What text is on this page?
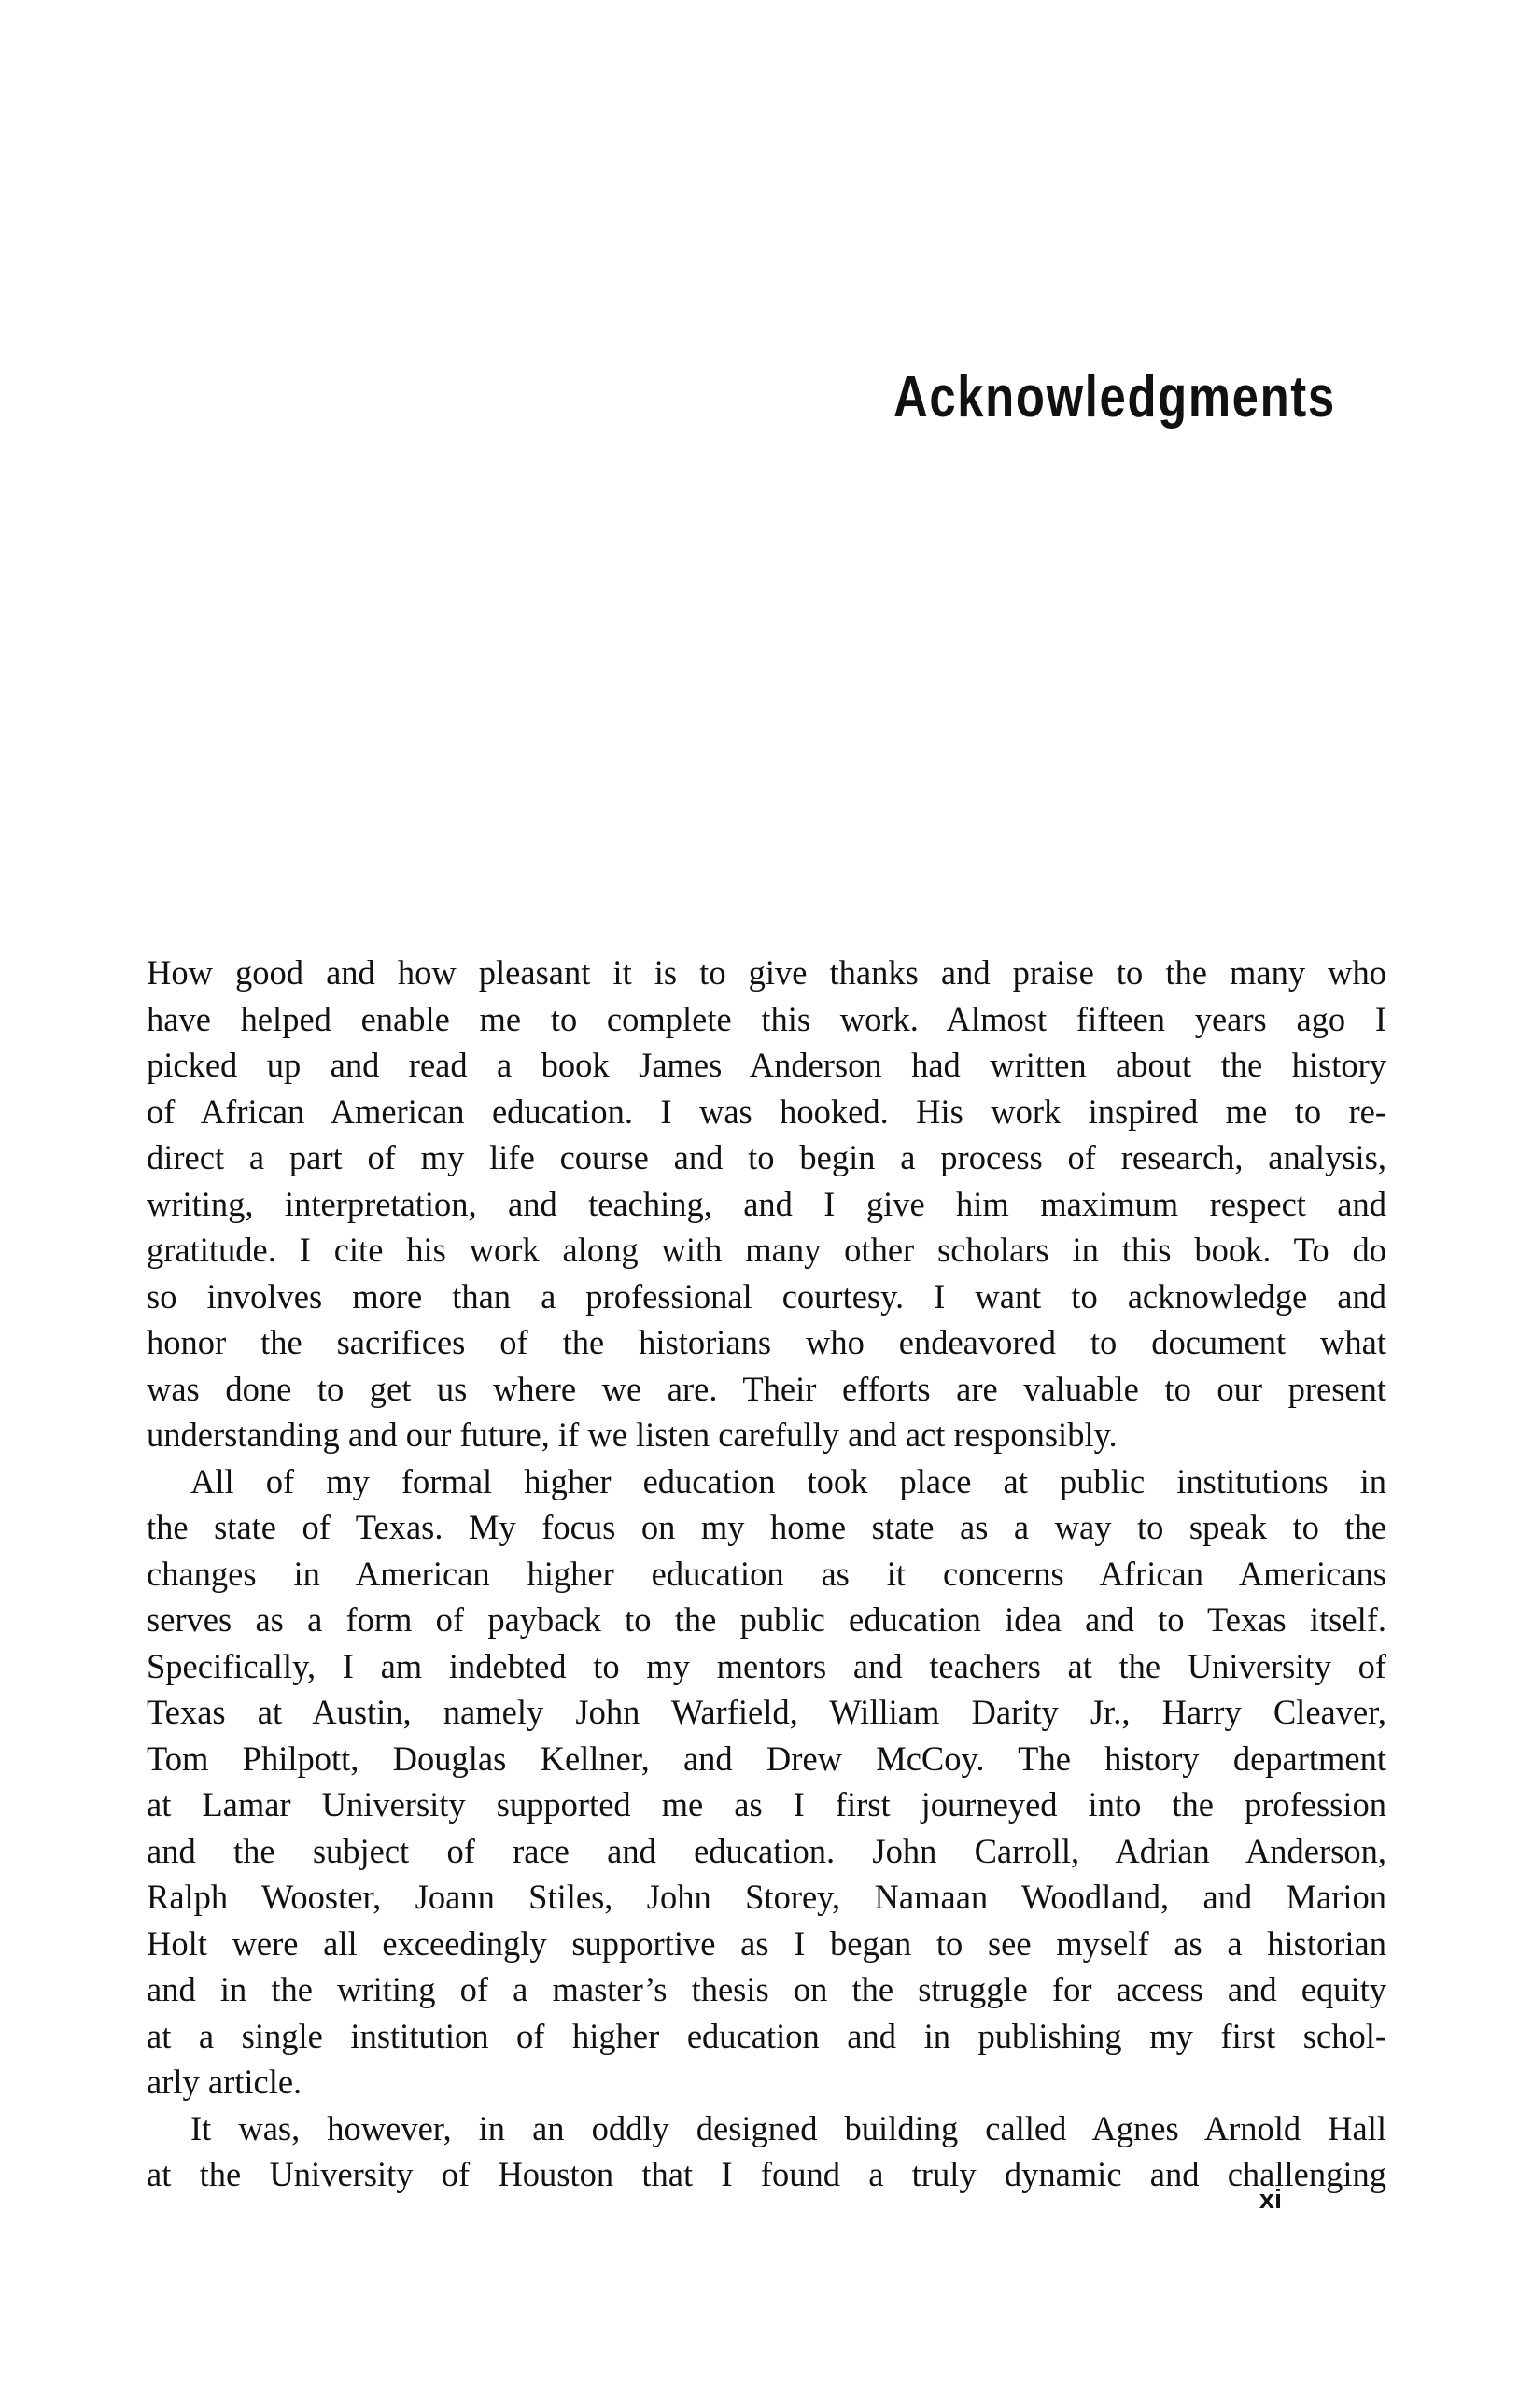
Acknowledgments
How good and how pleasant it is to give thanks and praise to the many who
have helped enable me to complete this work. Almost fifteen years ago I
picked up and read a book James Anderson had written about the history
of African American education. I was hooked. His work inspired me to re-
direct a part of my life course and to begin a process of research, analysis,
writing, interpretation, and teaching, and I give him maximum respect and
gratitude. I cite his work along with many other scholars in this book. To do
so involves more than a professional courtesy. I want to acknowledge and
honor the sacrifices of the historians who endeavored to document what
was done to get us where we are. Their efforts are valuable to our present
understanding and our future, if we listen carefully and act responsibly.
All of my formal higher education took place at public institutions in
the state of Texas. My focus on my home state as a way to speak to the
changes in American higher education as it concerns African Americans
serves as a form of payback to the public education idea and to Texas itself.
Specifically, I am indebted to my mentors and teachers at the University of
Texas at Austin, namely John Warfield, William Darity Jr., Harry Cleaver,
Tom Philpott, Douglas Kellner, and Drew McCoy. The history department
at Lamar University supported me as I first journeyed into the profession
and the subject of race and education. John Carroll, Adrian Anderson,
Ralph Wooster, Joann Stiles, John Storey, Namaan Woodland, and Marion
Holt were all exceedingly supportive as I began to see myself as a historian
and in the writing of a master’s thesis on the struggle for access and equity
at a single institution of higher education and in publishing my first schol-
arly article.
It was, however, in an oddly designed building called Agnes Arnold Hall
at the University of Houston that I found a truly dynamic and challenging
xi
